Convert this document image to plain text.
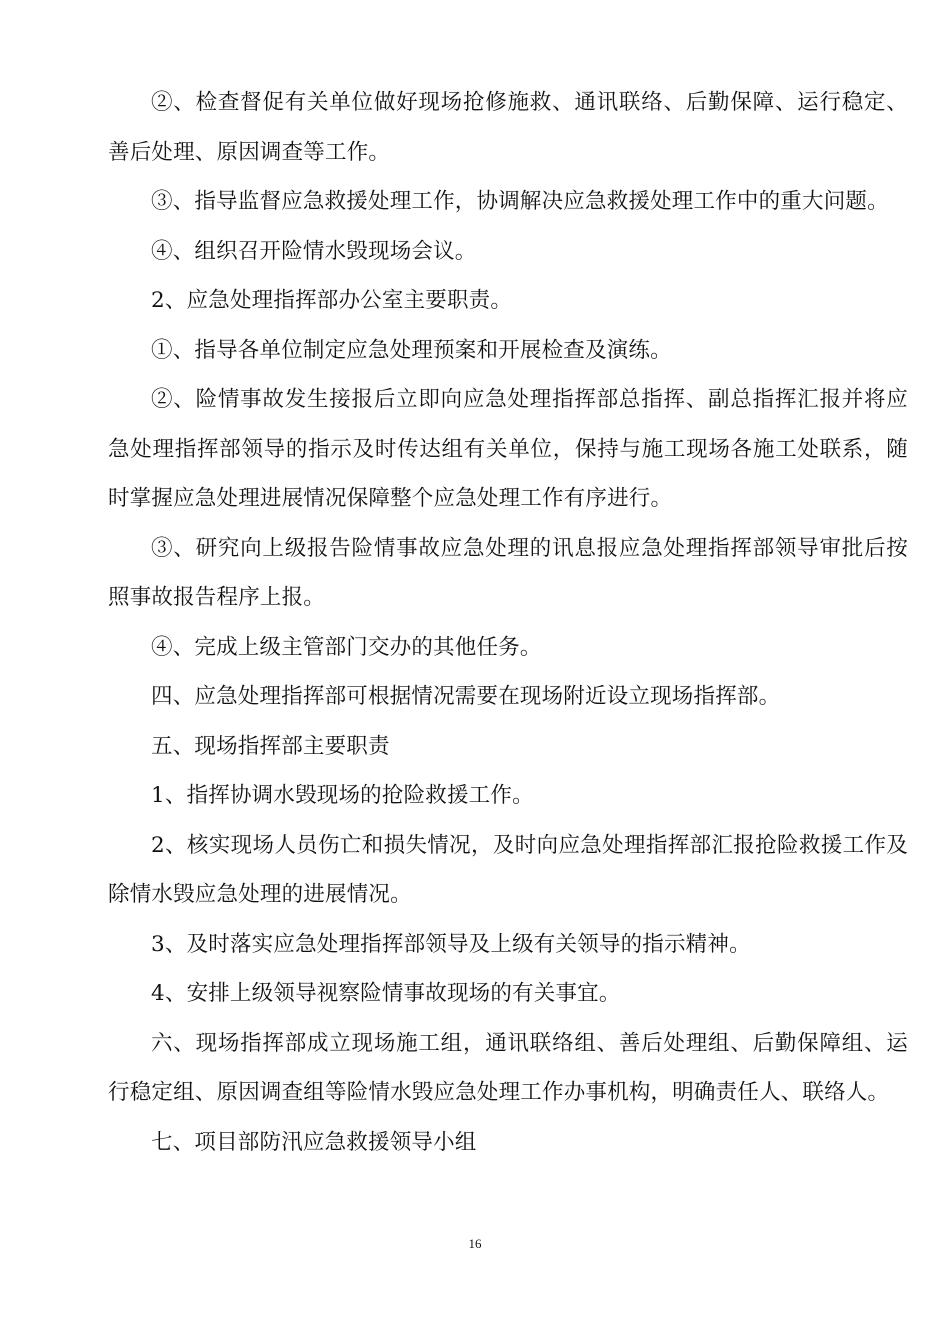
②、检查督促有关单位做好现场抢修施救、通讯联络、后勤保障、运行稳定、善后处理、原因调查等工作。

③、指导监督应急救援处理工作，协调解决应急救援处理工作中的重大问题。

④、组织召开险情水毁现场会议。

2、应急处理指挥部办公室主要职责。

①、指导各单位制定应急处理预案和开展检查及演练。

②、险情事故发生接报后立即向应急处理指挥部总指挥、副总指挥汇报并将应急处理指挥部领导的指示及时传达组有关单位，保持与施工现场各施工处联系，随时掌握应急处理进展情况保障整个应急处理工作有序进行。

③、研究向上级报告险情事故应急处理的讯息报应急处理指挥部领导审批后按照事故报告程序上报。

④、完成上级主管部门交办的其他任务。

四、应急处理指挥部可根据情况需要在现场附近设立现场指挥部。

五、现场指挥部主要职责

1、指挥协调水毁现场的抢险救援工作。

2、核实现场人员伤亡和损失情况，及时向应急处理指挥部汇报抢险救援工作及除情水毁应急处理的进展情况。

3、及时落实应急处理指挥部领导及上级有关领导的指示精神。

4、安排上级领导视察险情事故现场的有关事宜。

六、现场指挥部成立现场施工组，通讯联络组、善后处理组、后勤保障组、运行稳定组、原因调查组等险情水毁应急处理工作办事机构，明确责任人、联络人。

七、项目部防汛应急救援领导小组

16
